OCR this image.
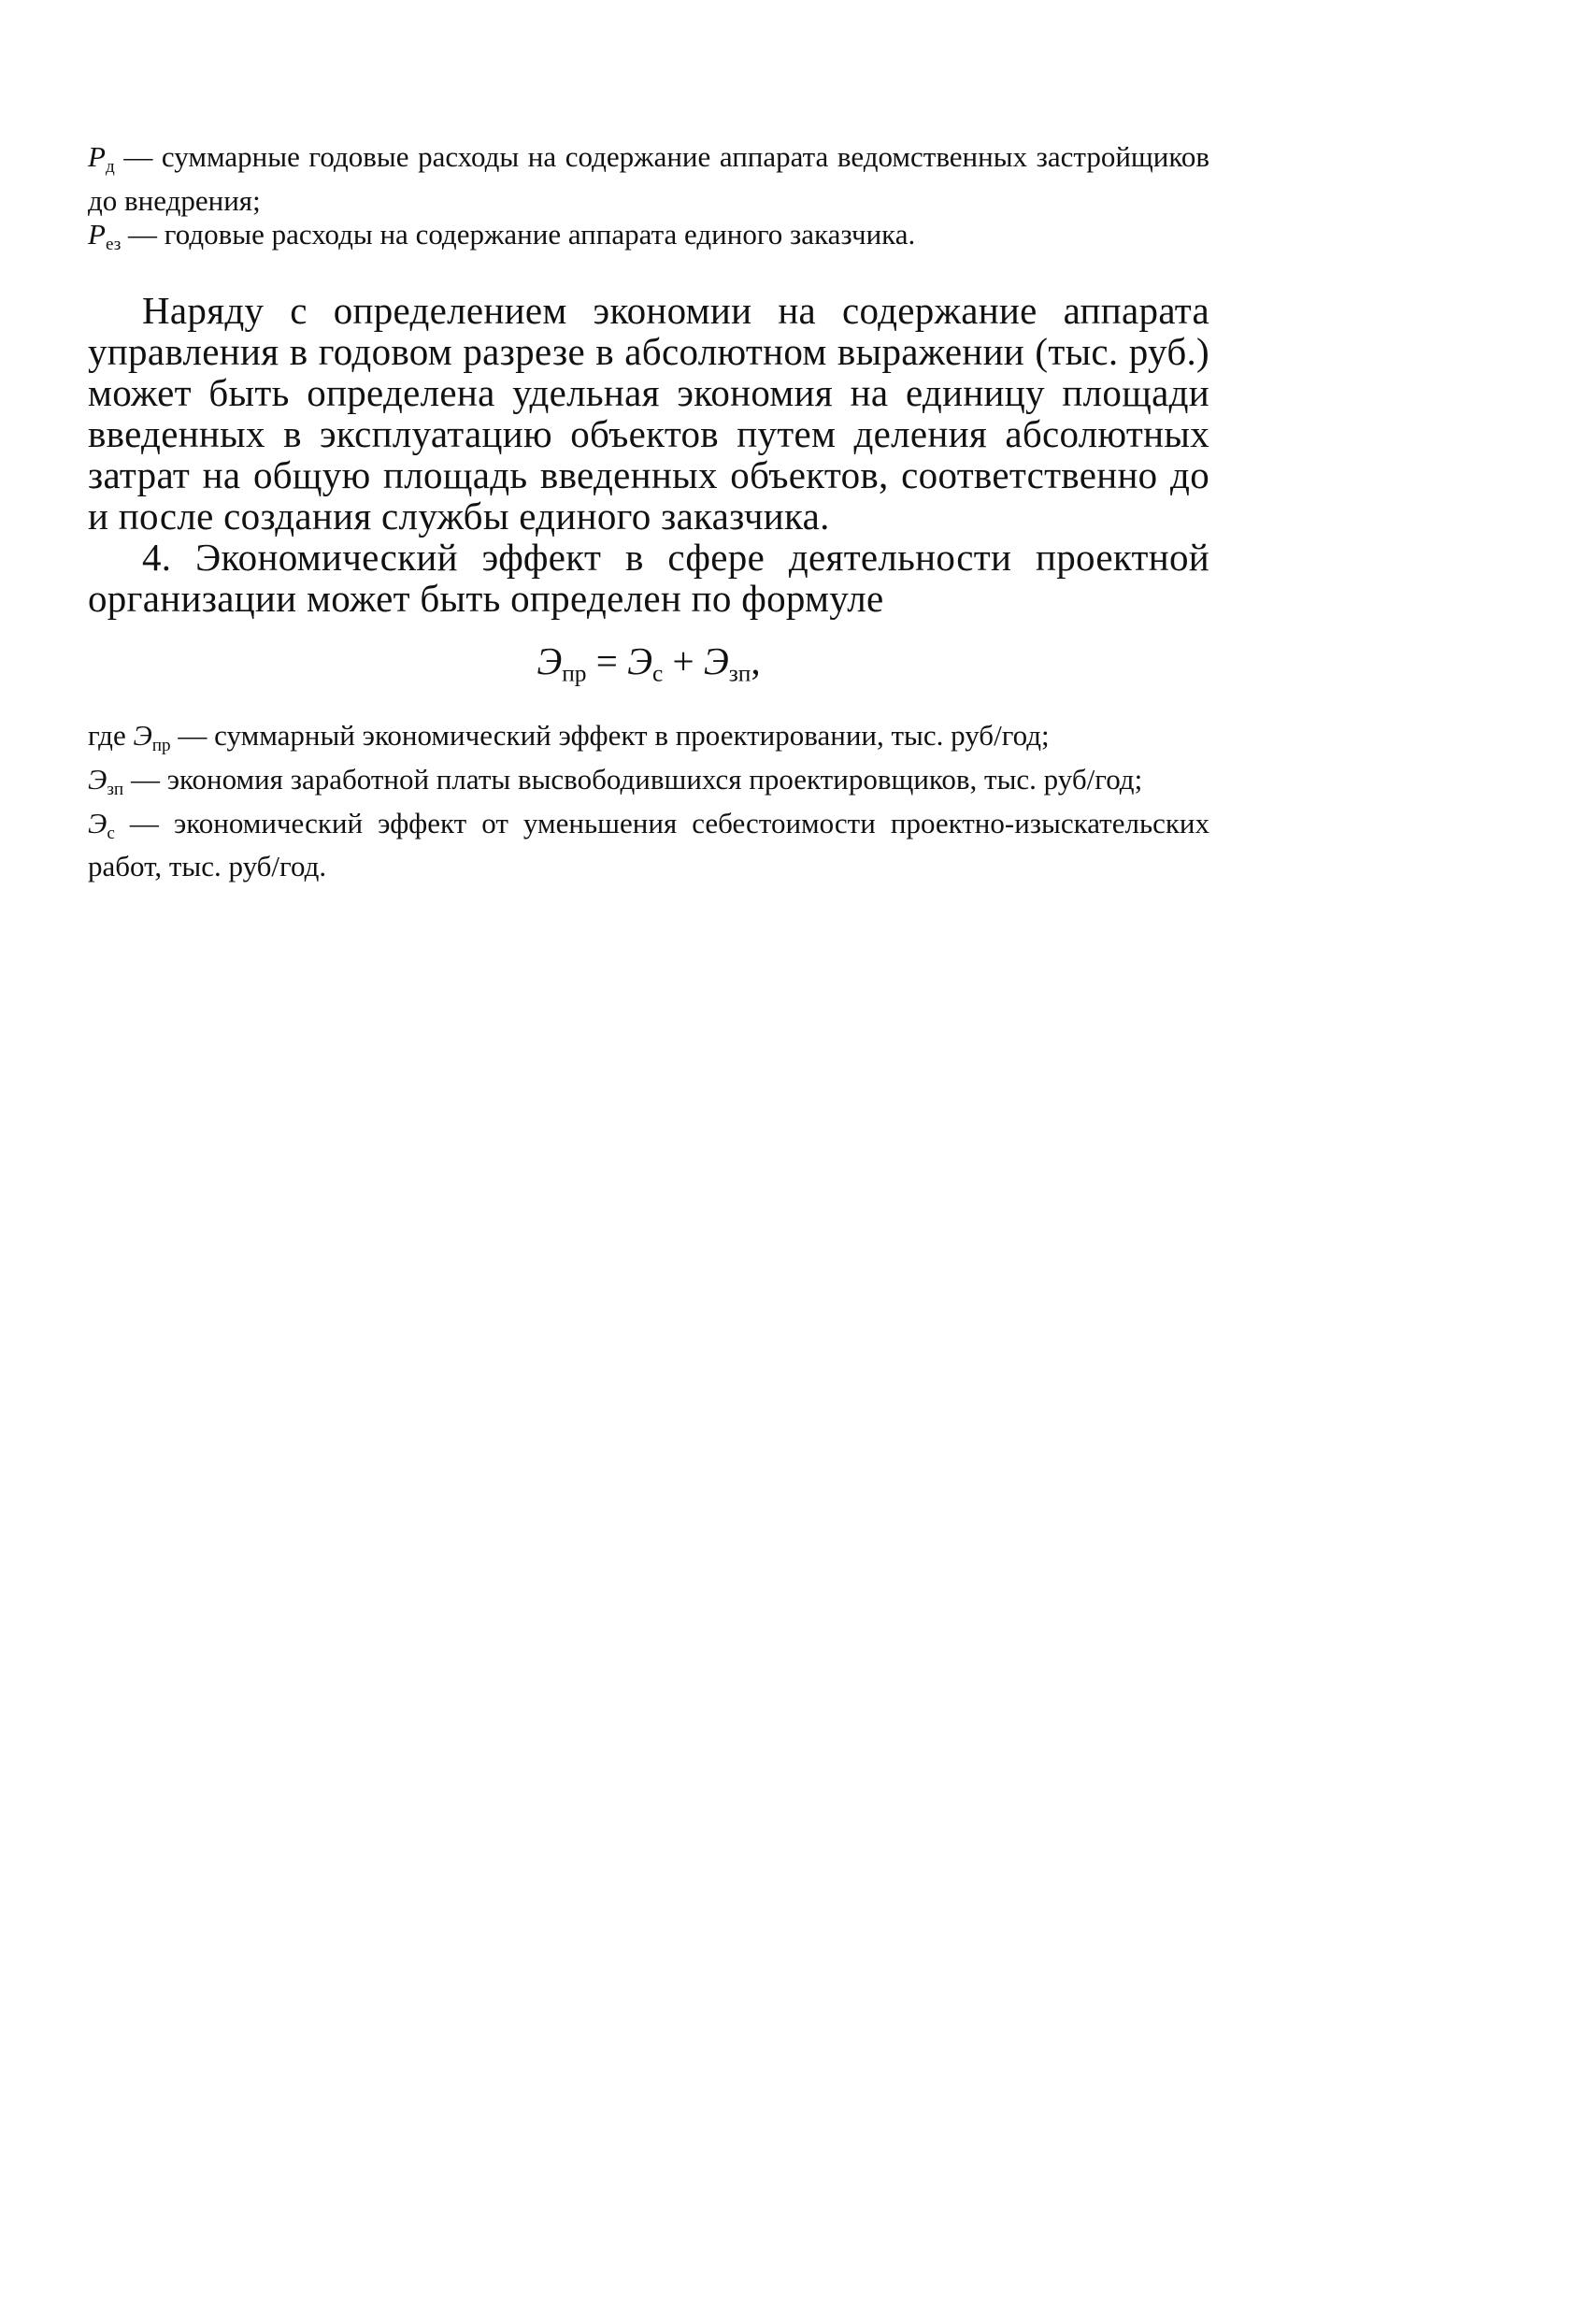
$P_д$ — суммарные годовые расходы на содержание аппарата ведомственных застройщиков до внедрения;

$P_{ез}$ — годовые расходы на содержание аппарата единого заказчика.

Наряду с определением экономии на содержание аппарата управления в годовом разрезе в абсолютном выражении (тыс. руб.) может быть определена удельная экономия на единицу площади введенных в эксплуатацию объектов путем деления абсолютных затрат на общую площадь введенных объектов, соответственно до и после создания службы единого заказчика.

4. Экономический эффект в сфере деятельности проектной организации может быть определен по формуле

$Э_{пр} = Э_с + Э_{зп}$,

где $Э_{пр}$ — суммарный экономический эффект в проектировании, тыс. руб/год;

$Э_{зп}$ — экономия заработной платы высвободившихся проектировщиков, тыс. руб/год;

$Э_с$ — экономический эффект от уменьшения себестоимости проектно-изыскательских работ, тыс. руб/год.
